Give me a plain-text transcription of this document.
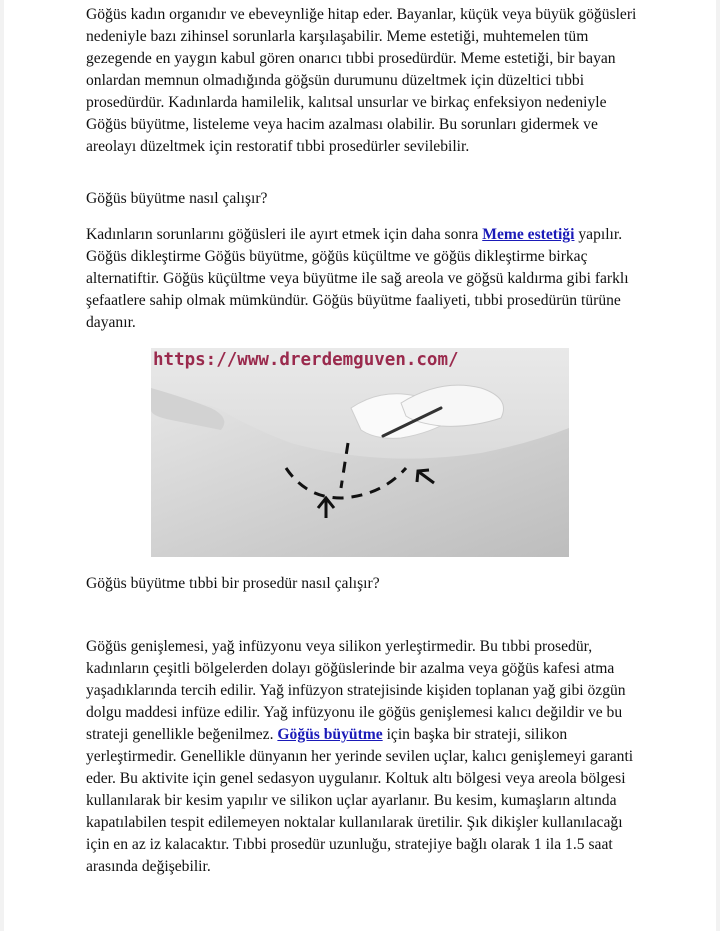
Göğüs kadın organıdır ve ebeveynliğe hitap eder. Bayanlar, küçük veya büyük göğüsleri nedeniyle bazı zihinsel sorunlarla karşılaşabilir. Meme estetiği, muhtemelen tüm gezegende en yaygın kabul gören onarıcı tıbbi prosedürdür. Meme estetiği, bir bayan onlardan memnun olmadığında göğsün durumunu düzeltmek için düzeltici tıbbi prosedürdür. Kadınlarda hamilelik, kalıtsal unsurlar ve birkaç enfeksiyon nedeniyle Göğüs büyütme, listeleme veya hacim azalması olabilir. Bu sorunları gidermek ve areolayı düzeltmek için restoratif tıbbi prosedürler sevilebilir.

Göğüs büyütme nasıl çalışır?

Kadınların sorunlarını göğüsleri ile ayırt etmek için daha sonra Meme estetiği yapılır. Göğüs dikleştirme Göğüs büyütme, göğüs küçültme ve göğüs dikleştirme birkaç alternatiftir. Göğüs küçültme veya büyütme ile sağ areola ve göğsü kaldırma gibi farklı şefaatlere sahip olmak mümkündür. Göğüs büyütme faaliyeti, tıbbi prosedürün türüne dayanır.

https://www.drerdemguven.com/

Göğüs büyütme tıbbi bir prosedür nasıl çalışır?

Göğüs genişlemesi, yağ infüzyonu veya silikon yerleştirmedir. Bu tıbbi prosedür, kadınların çeşitli bölgelerden dolayı göğüslerinde bir azalma veya göğüs kafesi atma yaşadıklarında tercih edilir. Yağ infüzyon stratejisinde kişiden toplanan yağ gibi özgün dolgu maddesi infüze edilir. Yağ infüzyonu ile göğüs genişlemesi kalıcı değildir ve bu strateji genellikle beğenilmez. Göğüs büyütme için başka bir strateji, silikon yerleştirmedir. Genellikle dünyanın her yerinde sevilen uçlar, kalıcı genişlemeyi garanti eder. Bu aktivite için genel sedasyon uygulanır. Koltuk altı bölgesi veya areola bölgesi kullanılarak bir kesim yapılır ve silikon uçlar ayarlanır. Bu kesim, kumaşların altında kapatılabilen tespit edilemeyen noktalar kullanılarak üretilir. Şık dikişler kullanılacağı için en az iz kalacaktır. Tıbbi prosedür uzunluğu, stratejiye bağlı olarak 1 ila 1.5 saat arasında değişebilir.
